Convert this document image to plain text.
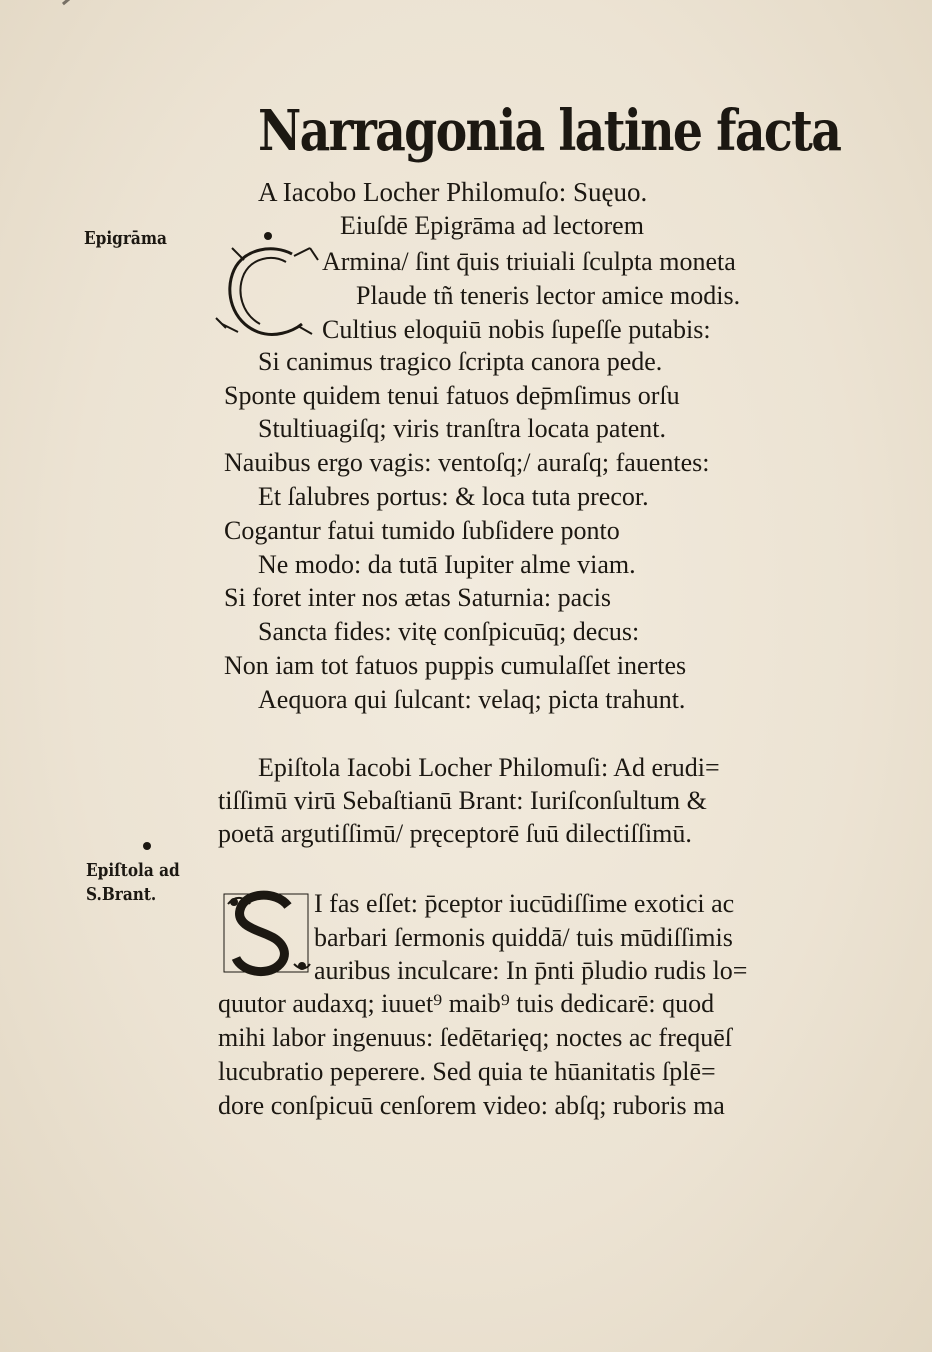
Narragonia latine facta
A Iacobo Locher Philomuſo: Suęuo.
Epigrāma	Eiuſdē Epigrāma ad lectorem
Armina/ ſint q̄uis triuiali ſculpta moneta
Plaude tñ teneris lector amice modis.
Cultius eloquiū nobis ſupeſſe putabis:
Si canimus tragico ſcripta canora pede.
Sponte quidem tenui fatuos dep̄mſimus orſu
Stultiuagiſq; viris tranſtra locata patent.
Nauibus ergo vagis: ventoſq;/ auraſq; fauentes:
Et ſalubres portus: & loca tuta precor.
Cogantur fatui tumido ſubſidere ponto
Ne modo: da tutā Iupiter alme viam.
Si foret inter nos ætas Saturnia: pacis
Sancta fides: vitę conſpicuūq; decus:
Non iam tot fatuos puppis cumulaſſet inertes
Aequora qui ſulcant: velaq; picta trahunt.
Epiſtola Iacobi Locher Philomuſi: Ad erudi=
tiſſimū virū Sebaſtianū Brant: Iuriſconſultum &
poetā argutiſſimū/ pręceptorē ſuū dilectiſſimū.
Epiſtola ad
S.Brant.	I fas eſſet: p̄ceptor iucūdiſſime exotici ac
barbari ſermonis quiddā/ tuis mūdiſſimis
auribus inculcare: In p̄nti p̄ludio rudis lo=
quutor audaxq; iuuet⁹ maib⁹ tuis dedicarē: quod
mihi labor ingenuus: ſedētarięq; noctes ac frequēſ
lucubratio peperere. Sed quia te hūanitatis ſplē=
dore conſpicuū cenſorem video: abſq; ruboris ma
